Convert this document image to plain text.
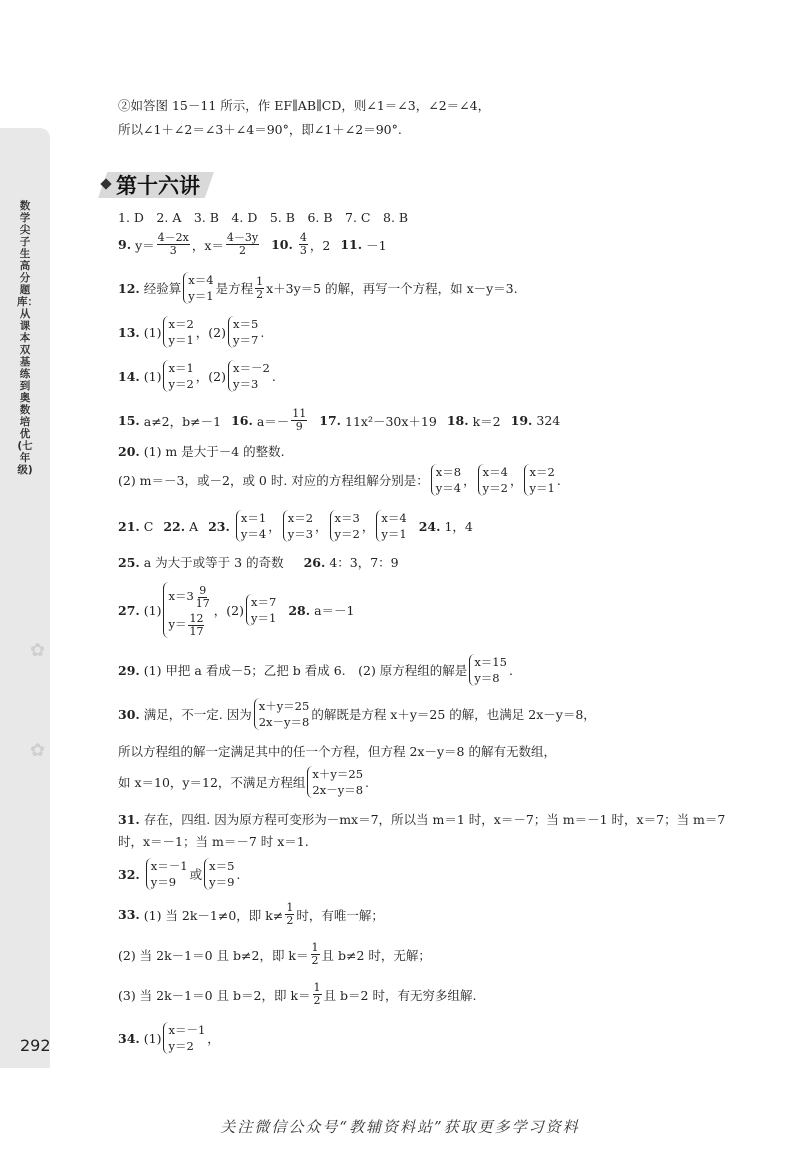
数学尖子生高分题库：从课本双基练到奥数培优(七年级)
✿
✿
292
②如答图 15－11 所示，作 EF∥AB∥CD，则∠1＝∠3，∠2＝∠4，
所以∠1＋∠2＝∠3＋∠4＝90°，即∠1＋∠2＝90°.
1. D　2. A　3. B　4. D　5. B　6. B　7. C　8. B
9. $y= \frac{4-2x}{3}$ ，$x= \frac{4-3y}{2} 10$. $\frac{4}{3}$ ，2 11. －1
12. 经验算
x＝4
y＝1 是方程 $\frac{1}{2} x+3y=5$ 的解，再写一个方程，如 x－y＝3.
13. (1)
x＝2
y＝1 ，(2)
x＝5
y＝7
.
14. (1)
x＝1
y＝2 ，(2)
x＝－2
y＝3
.
15. a≠2，b≠－1 16. $a=- \frac{11}{9} 17$. 11x²－30x＋19 18. k＝2 19. 324
20. (1) m 是大于－4 的整数.
(2) m＝－3，或－2，或 0 时. 对应的方程组解分别是：
x＝8
y＝4 ，
x＝4
y＝2 ，
x＝2
y＝1
.
21. C 22. A 23.
x＝1
y＝4 ，
x＝2
y＝3 ，
x＝3
y＝2 ，
x＝4
y＝1
24. 1，4
25. a 为大于或等于 3 的奇数 26. 4：3，7：9
27. (1)
$x=3 \frac{9}{17}$
$y= \frac{12}{17}$
，(2)
x＝7
y＝1
28. a＝－1
29. (1) 甲把 a 看成－5；乙把 b 看成 6.　(2) 原方程组的解是
x＝15
y＝8
.
30. 满足，不一定. 因为
x＋y＝25
2x－y＝8 的解既是方程 x＋y＝25 的解，也满足 2x－y＝8，
所以方程组的解一定满足其中的任一个方程，但方程 2x－y＝8 的解有无数组，
如 x＝10，y＝12，不满足方程组
x＋y＝25
2x－y＝8
.
31. 存在，四组. 因为原方程可变形为－mx＝7，所以当 m＝1 时，x＝－7；当 m＝－1 时，x＝7；当 m＝7
时，x＝－1；当 m＝－7 时 x＝1.
32.
x＝－1
y＝9	或
x＝5
y＝9
.
33. (1) 当 2k－1≠0，即 $k\ne \frac{1}{2}$ 时，有唯一解；
(2) 当 2k－1＝0 且 b≠2，即 $k= \frac{1}{2}$ 且 b≠2 时，无解；
(3) 当 2k－1＝0 且 b＝2，即 $k= \frac{1}{2}$ 且 b＝2 时，有无穷多组解.
34. (1)
x＝－1
y＝2	，
第十六讲
关注微信公众号“教辅资料站”获取更多学习资料
